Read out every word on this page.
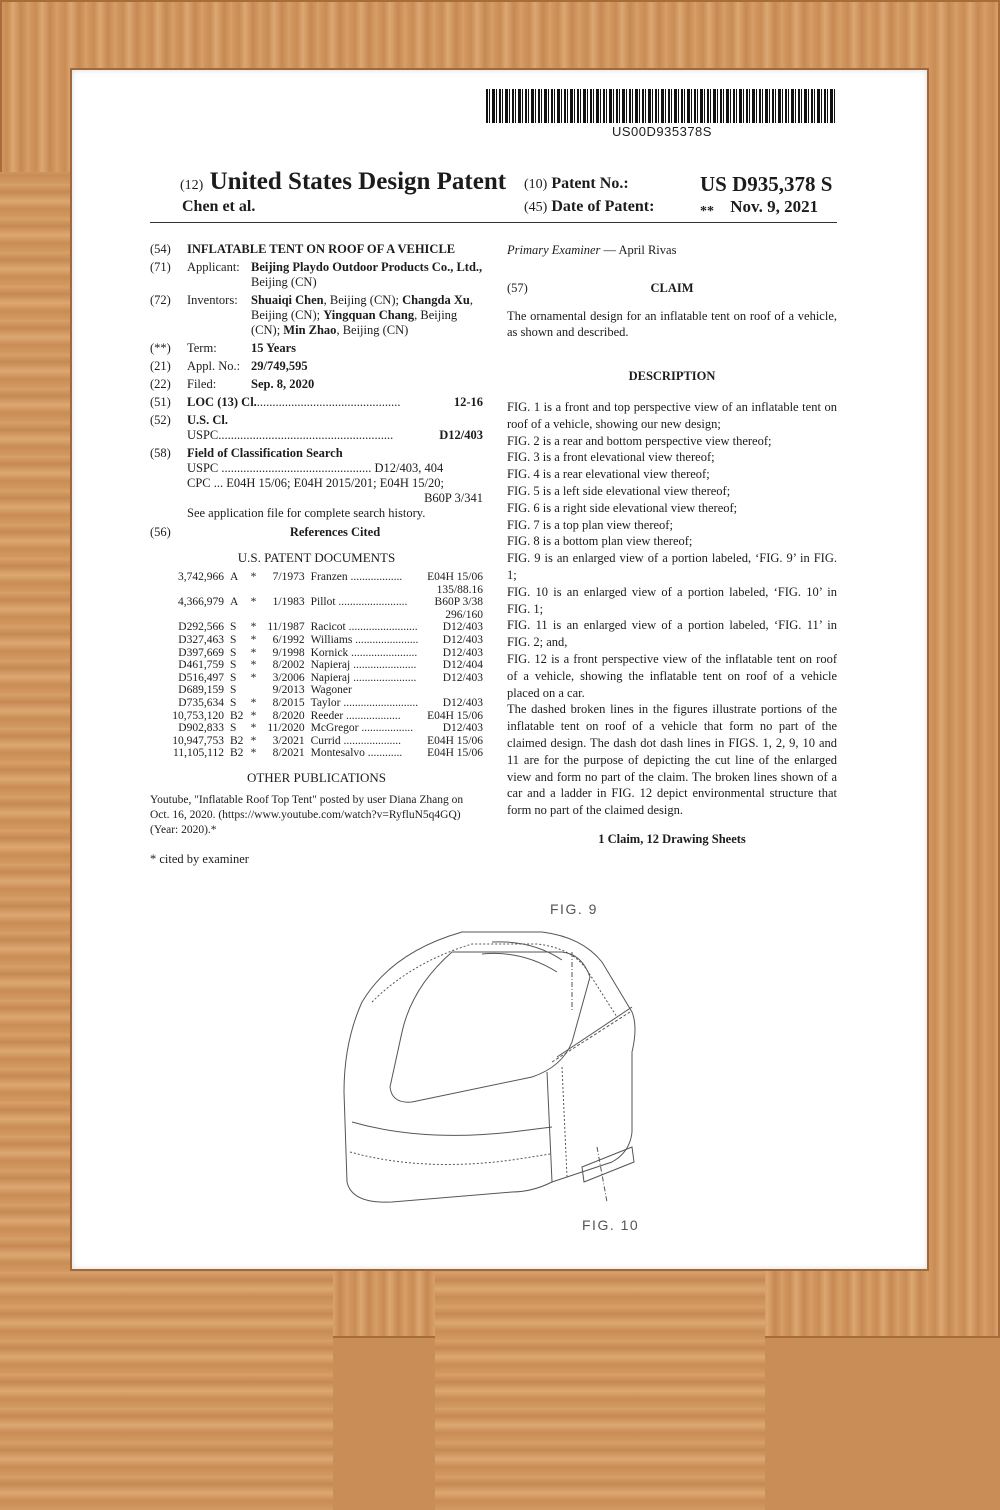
US00D935378S
(12) United States Design Patent
Chen et al.
(10) Patent No.:
(45) Date of Patent:
US D935,378 S
** Nov. 9, 2021
(54)	INFLATABLE TENT ON ROOF OF A VEHICLE
(71)	Applicant: Beijing Playdo Outdoor Products Co., Ltd., Beijing (CN)
(72)	Inventors:	Shuaiqi Chen, Beijing (CN); Changda Xu, Beijing (CN); Yingquan Chang, Beijing (CN); Min Zhao, Beijing (CN)
(**)	Term:	15 Years
(21)	Appl. No.: 29/749,595
(22)	Filed:	Sep. 8, 2020
(51)	LOC (13) Cl. ..............................................	12-16
(52)	U.S. Cl.
USPC ........................................................	D12/403
(58)	Field of Classification Search
USPC ................................................ D12/403, 404
CPC ... E04H 15/06; E04H 2015/201; E04H 15/20;

B60P 3/341
See application file for complete search history.
(56)	References Cited
U.S. PATENT DOCUMENTS
3,742,966	A	*	7/1973	Franzen ..................	E04H 15/06
135/88.16					
4,366,979	A	*	1/1983	Pillot ........................	B60P 3/38
296/160					
D292,566	S	*	11/1987	Racicot ........................	D12/403
D327,463	S	*	6/1992	Williams ......................	D12/403
D397,669	S	*	9/1998	Kornick .......................	D12/403
D461,759	S	*	8/2002	Napieraj ......................	D12/404
D516,497	S	*	3/2006	Napieraj ......................	D12/403
D689,159	S		9/2013	Wagoner	
D735,634	S	*	8/2015	Taylor ..........................	D12/403
10,753,120	B2	*	8/2020	Reeder ...................	E04H 15/06
D902,833	S	*	11/2020	McGregor ..................	D12/403
10,947,753	B2	*	3/2021	Currid ....................	E04H 15/06
11,105,112	B2	*	8/2021	Montesalvo ............	E04H 15/06
OTHER PUBLICATIONS
Youtube, "Inflatable Roof Top Tent" posted by user Diana Zhang on Oct. 16, 2020. (https://www.youtube.com/watch?v=RyfluN5q4GQ) (Year: 2020).*
* cited by examiner

Primary Examiner — April Rivas

(57)	CLAIM

The ornamental design for an inflatable tent on roof of a vehicle, as shown and described.

DESCRIPTION

FIG. 1 is a front and top perspective view of an inflatable tent on roof of a vehicle, showing our new design;

FIG. 2 is a rear and bottom perspective view thereof;

FIG. 3 is a front elevational view thereof;

FIG. 4 is a rear elevational view thereof;

FIG. 5 is a left side elevational view thereof;

FIG. 6 is a right side elevational view thereof;

FIG. 7 is a top plan view thereof;

FIG. 8 is a bottom plan view thereof;

FIG. 9 is an enlarged view of a portion labeled, ‘FIG. 9’ in FIG. 1;

FIG. 10 is an enlarged view of a portion labeled, ‘FIG. 10’ in FIG. 1;

FIG. 11 is an enlarged view of a portion labeled, ‘FIG. 11’ in FIG. 2; and,

FIG. 12 is a front perspective view of the inflatable tent on roof of a vehicle, showing the inflatable tent on roof of a vehicle placed on a car.

The dashed broken lines in the figures illustrate portions of the inflatable tent on roof of a vehicle that form no part of the claimed design. The dash dot dash lines in FIGS. 1, 2, 9, 10 and 11 are for the purpose of depicting the cut line of the enlarged view and form no part of the claim. The broken lines shown of a car and a ladder in FIG. 12 depict environmental structure that form no part of the claimed design.

1 Claim, 12 Drawing Sheets
FIG. 9
FIG. 10
